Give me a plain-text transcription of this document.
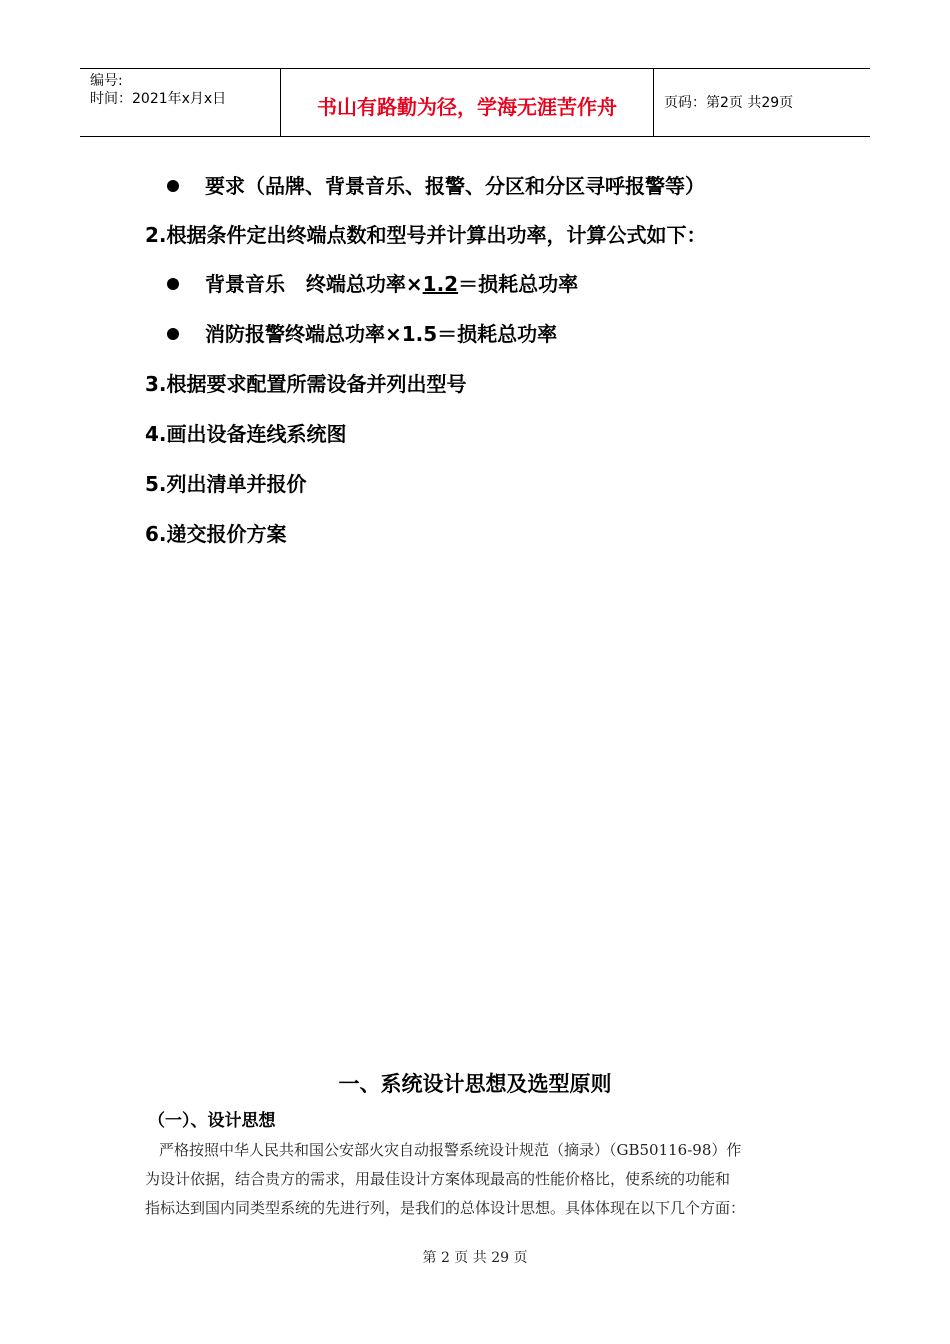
编号:
时间：2021年x月x日	书山有路勤为径，学海无涯苦作舟	页码：第2页 共29页
要求（品牌、背景音乐、报警、分区和分区寻呼报警等）
2.根据条件定出终端点数和型号并计算出功率，计算公式如下：
背景音乐   终端总功率×1.2＝损耗总功率
消防报警终端总功率×1.5＝损耗总功率
3.根据要求配置所需设备并列出型号
4.画出设备连线系统图
5.列出清单并报价
6.递交报价方案
一、系统设计思想及选型原则
（一）、设计思想
严格按照中华人民共和国公安部火灾自动报警系统设计规范（摘录）（GB50116-98）作
为设计依据，结合贵方的需求，用最佳设计方案体现最高的性能价格比，使系统的功能和
指标达到国内同类型系统的先进行列，是我们的总体设计思想。具体体现在以下几个方面：
第 2 页 共 29 页
